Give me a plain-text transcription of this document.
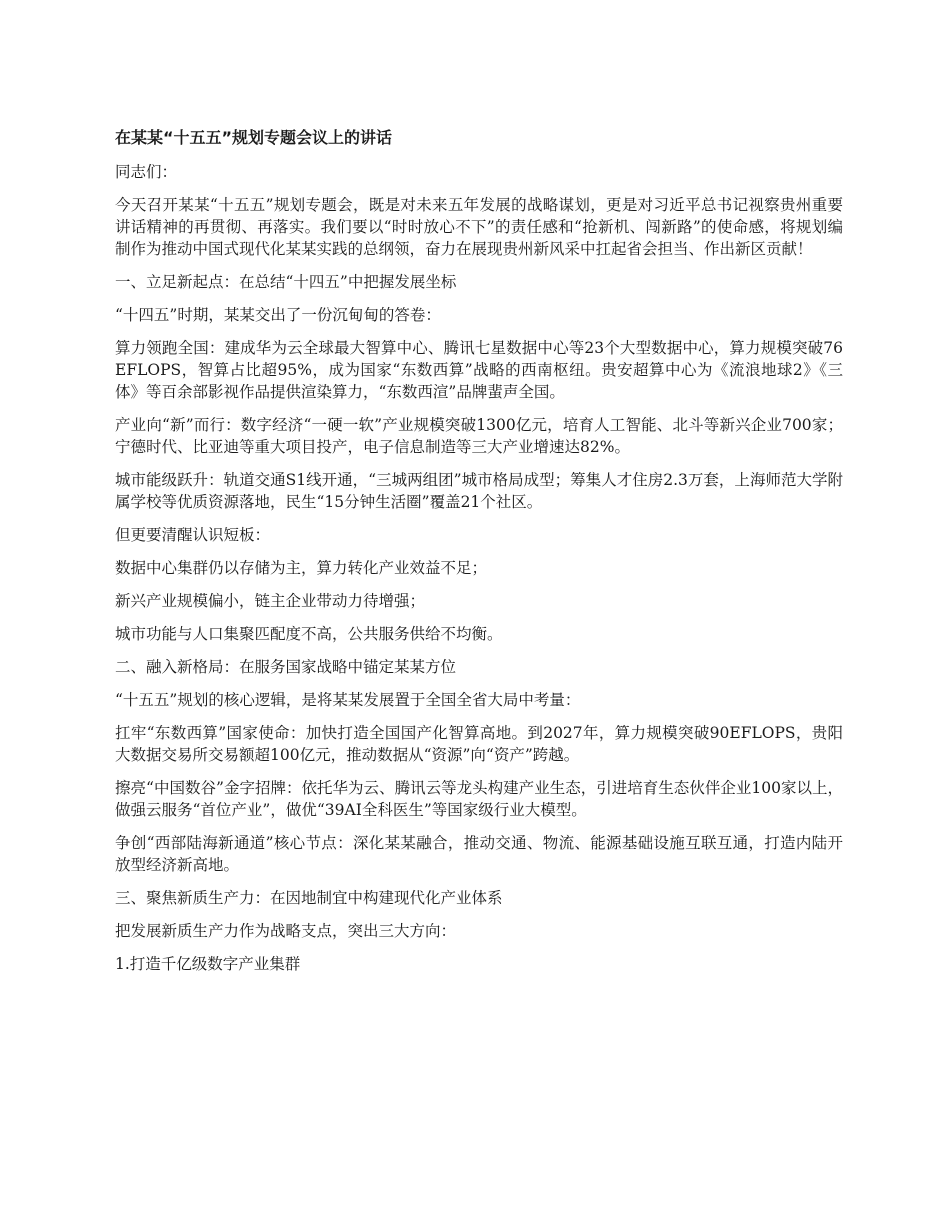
在某某“十五五”规划专题会议上的讲话
同志们：
今天召开某某“十五五”规划专题会，既是对未来五年发展的战略谋划，更是对习近平总书记视察贵州重要讲话精神的再贯彻、再落实。我们要以“时时放心不下”的责任感和“抢新机、闯新路”的使命感，将规划编制作为推动中国式现代化某某实践的总纲领，奋力在展现贵州新风采中扛起省会担当、作出新区贡献！
一、立足新起点：在总结“十四五”中把握发展坐标
“十四五”时期，某某交出了一份沉甸甸的答卷：
算力领跑全国：建成华为云全球最大智算中心、腾讯七星数据中心等23个大型数据中心，算力规模突破76EFLOPS，智算占比超95%，成为国家“东数西算”战略的西南枢纽。贵安超算中心为《流浪地球2》《三体》等百余部影视作品提供渲染算力，“东数西渲”品牌蜚声全国。
产业向“新”而行：数字经济“一硬一软”产业规模突破1300亿元，培育人工智能、北斗等新兴企业700家；宁德时代、比亚迪等重大项目投产，电子信息制造等三大产业增速达82%。
城市能级跃升：轨道交通S1线开通，“三城两组团”城市格局成型；筹集人才住房2.3万套，上海师范大学附属学校等优质资源落地，民生“15分钟生活圈”覆盖21个社区。
但更要清醒认识短板：
数据中心集群仍以存储为主，算力转化产业效益不足；
新兴产业规模偏小，链主企业带动力待增强；
城市功能与人口集聚匹配度不高，公共服务供给不均衡。
二、融入新格局：在服务国家战略中锚定某某方位
“十五五”规划的核心逻辑，是将某某发展置于全国全省大局中考量：
扛牢“东数西算”国家使命：加快打造全国国产化智算高地。到2027年，算力规模突破90EFLOPS，贵阳大数据交易所交易额超100亿元，推动数据从“资源”向“资产”跨越。
擦亮“中国数谷”金字招牌：依托华为云、腾讯云等龙头构建产业生态，引进培育生态伙伴企业100家以上，做强云服务“首位产业”，做优“39AI全科医生”等国家级行业大模型。
争创“西部陆海新通道”核心节点：深化某某融合，推动交通、物流、能源基础设施互联互通，打造内陆开放型经济新高地。
三、聚焦新质生产力：在因地制宜中构建现代化产业体系
把发展新质生产力作为战略支点，突出三大方向：
1.打造千亿级数字产业集群
